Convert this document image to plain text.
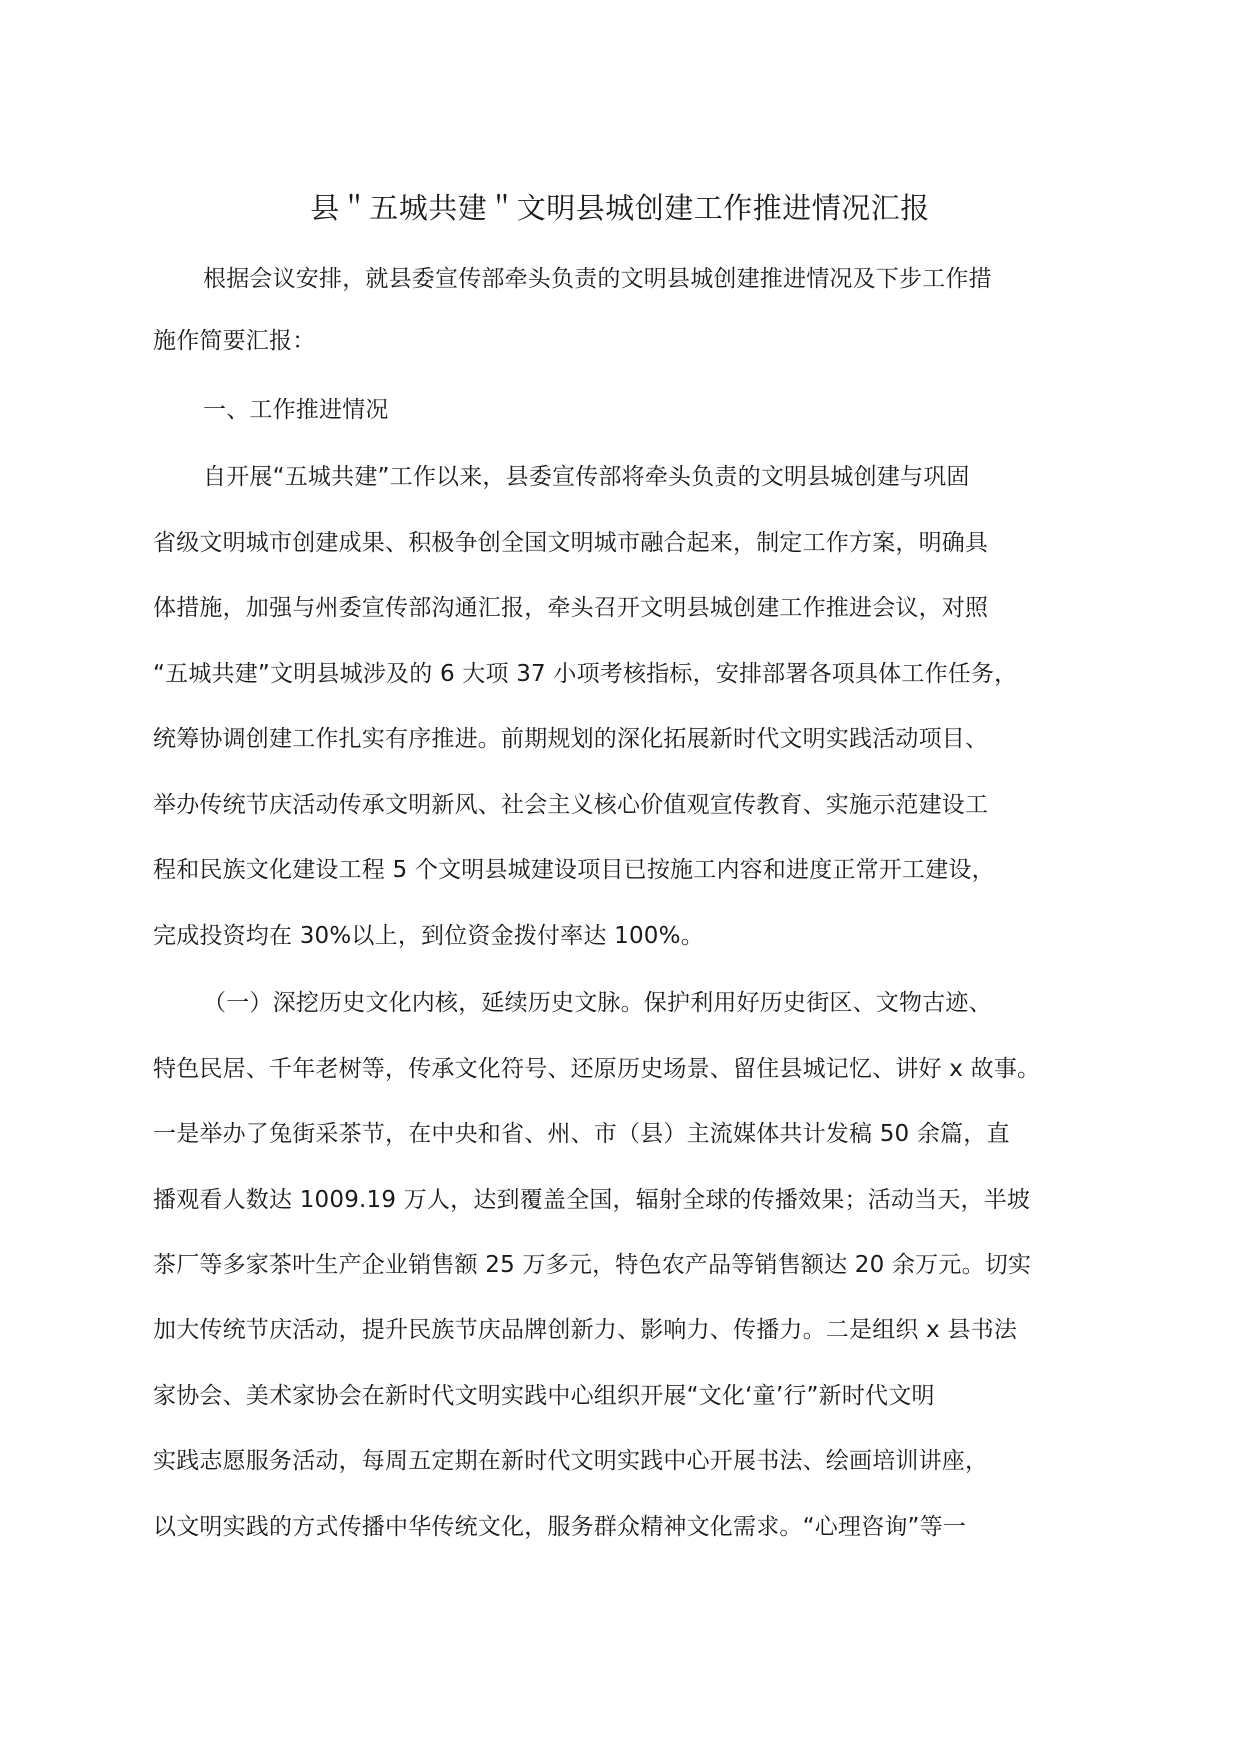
县＂五城共建＂文明县城创建工作推进情况汇报
根据会议安排，就县委宣传部牵头负责的文明县城创建推进情况及下步工作措
施作简要汇报：
一、工作推进情况
自开展“五城共建”工作以来，县委宣传部将牵头负责的文明县城创建与巩固
省级文明城市创建成果、积极争创全国文明城市融合起来，制定工作方案，明确具
体措施，加强与州委宣传部沟通汇报，牵头召开文明县城创建工作推进会议，对照
“五城共建”文明县城涉及的 6 大项 37 小项考核指标，安排部署各项具体工作任务，
统筹协调创建工作扎实有序推进。前期规划的深化拓展新时代文明实践活动项目、
举办传统节庆活动传承文明新风、社会主义核心价值观宣传教育、实施示范建设工
程和民族文化建设工程 5 个文明县城建设项目已按施工内容和进度正常开工建设，
完成投资均在 30%以上，到位资金拨付率达 100%。
（一）深挖历史文化内核，延续历史文脉。保护利用好历史街区、文物古迹、
特色民居、千年老树等，传承文化符号、还原历史场景、留住县城记忆、讲好 x 故事。
一是举办了兔街采茶节，在中央和省、州、市（县）主流媒体共计发稿 50 余篇，直
播观看人数达 1009.19 万人，达到覆盖全国，辐射全球的传播效果；活动当天，半坡
茶厂等多家茶叶生产企业销售额 25 万多元，特色农产品等销售额达 20 余万元。切实
加大传统节庆活动，提升民族节庆品牌创新力、影响力、传播力。二是组织 x 县书法
家协会、美术家协会在新时代文明实践中心组织开展“文化‘童’行”新时代文明
实践志愿服务活动，每周五定期在新时代文明实践中心开展书法、绘画培训讲座，
以文明实践的方式传播中华传统文化，服务群众精神文化需求。“心理咨询”等一
